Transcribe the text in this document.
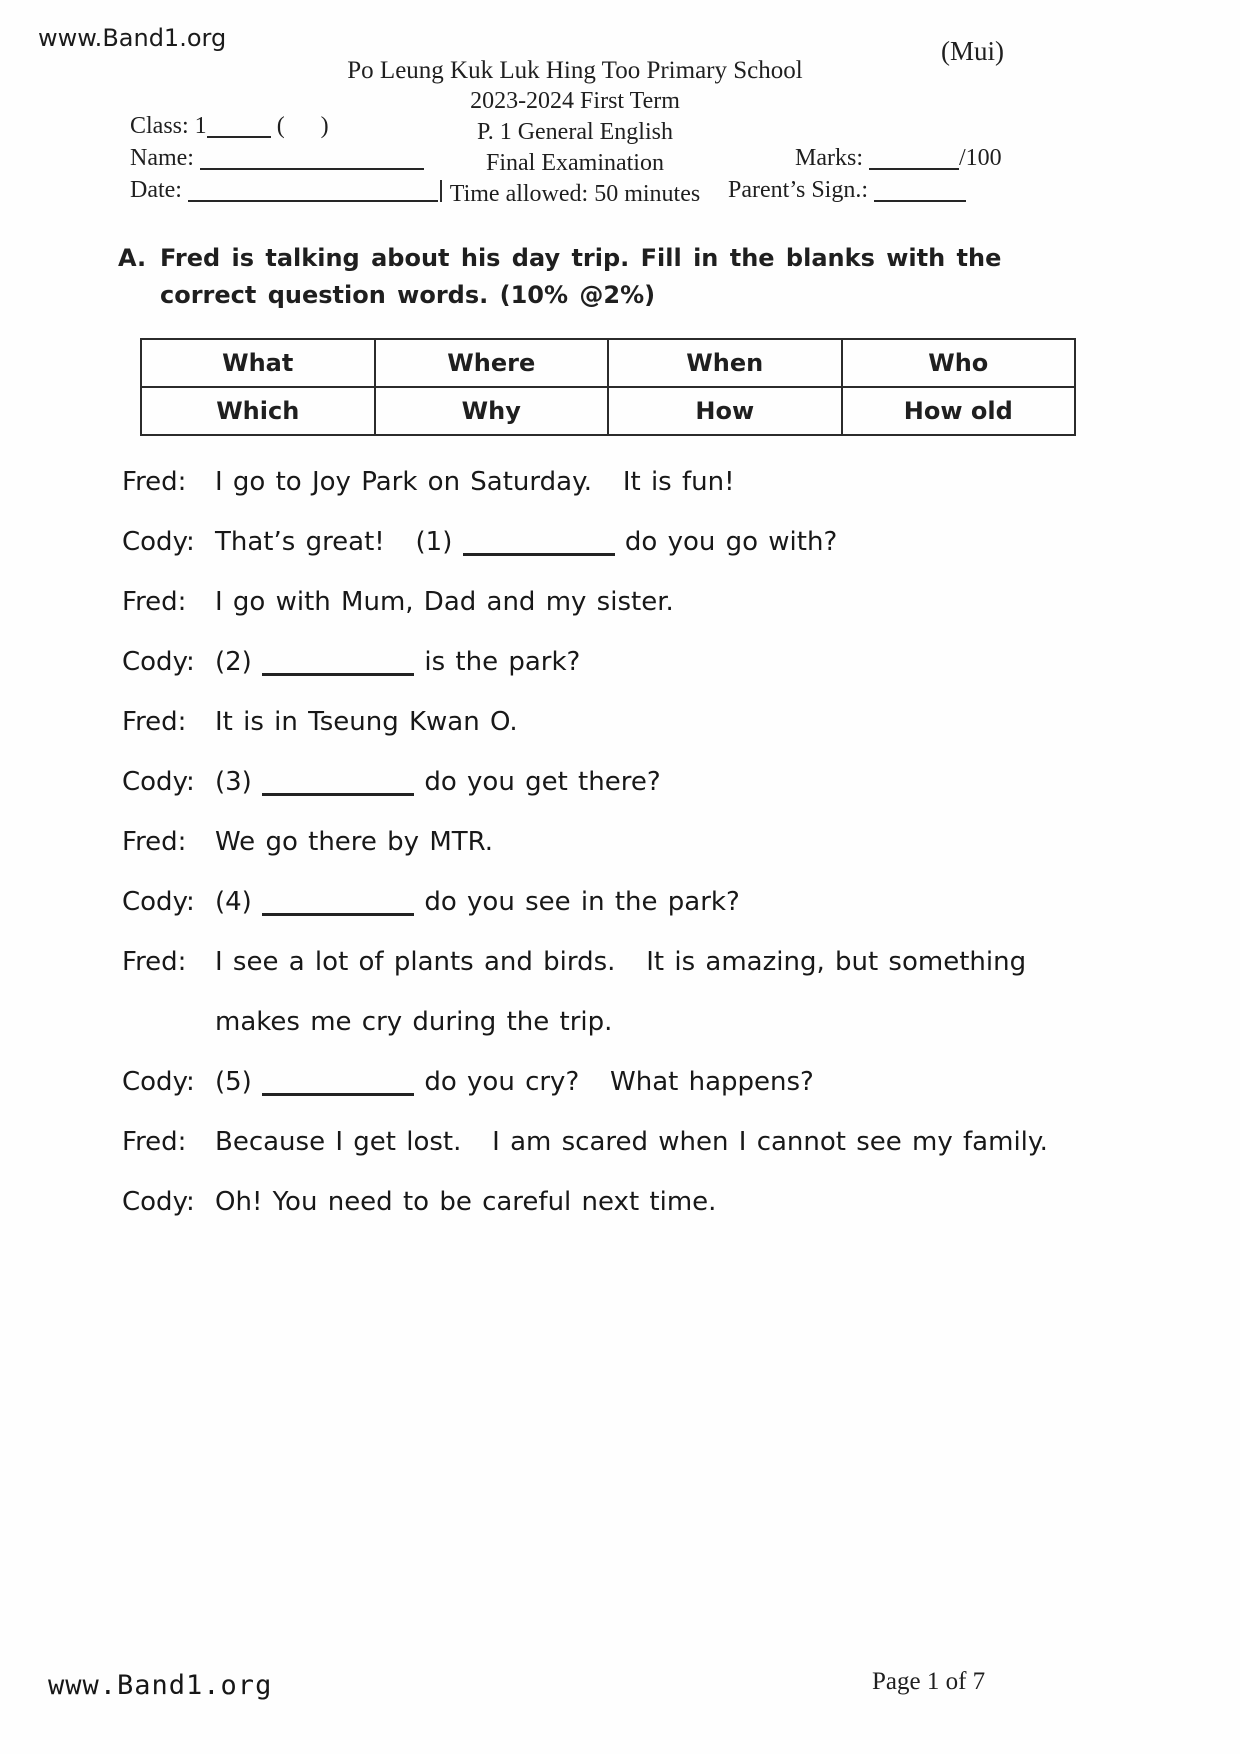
www.Band1.org	(Mui)
Po Leung Kuk Luk Hing Too Primary School
2023-2024 First Term
P. 1 General English
Final Examination
Time allowed: 50 minutes
Class: 1	(      )
Name:
Date:
Marks:	/100
Parent’s Sign.:
A. Fred is talking about his day trip. Fill in the blanks with the
correct question words. (10% @2%)
What	Where	When	Who
Which	Why	How	How old
Fred:	I go to Joy Park on Saturday.   It is fun!
Cody: That’s great!   (1)	do you go with?
Fred:	I go with Mum, Dad and my sister.
Cody: (2)	is the park?
Fred:	It is in Tseung Kwan O.
Cody: (3)	do you get there?
Fred:	We go there by MTR.
Cody: (4)	do you see in the park?
Fred:	I see a lot of plants and birds.   It is amazing, but something
makes me cry during the trip.
Cody: (5)	do you cry?   What happens?
Fred:	Because I get lost.   I am scared when I cannot see my family.
Cody: Oh! You need to be careful next time.
www.Band1.org	Page 1 of 7
